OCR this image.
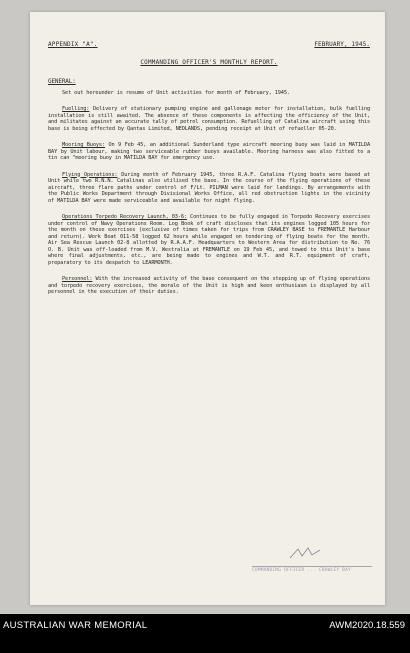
APPENDIX "A".	FEBRUARY, 1945.
COMMANDING OFFICER'S MONTHLY REPORT.
GENERAL:
Set out hereunder is resume of Unit activities for month of February, 1945.
Fuelling: Delivery of stationary pumping engine and gallonage meter for installation, bulk fuelling installation is still awaited. The absence of these components is affecting the efficiency of the Unit, and militates against an accurate tally of petrol consumption. Refuelling of Catalina aircraft using this base is being effected by Qantas Limited, NEDLANDS, pending receipt at Unit of refueller 05-20.
Mooring Buoys: On 9 Feb 45, an additional Sunderland type aircraft mooring buoy was laid in MATILDA BAY by Unit labour, making two serviceable rubber buoys available. Mooring harness was also fitted to a tin can "mooring buoy in MATILDA BAY for emergency use.
Flying Operations: During month of February 1945, three R.A.F. Catalina flying boats were based at Unit while two R.N.N. Catalinas also utilised the base. In the course of the flying operations of these aircraft, three flare paths under control of F/Lt. PILMAN were laid for landings. By arrangements with the Public Works Department through Divisional Works Office, all red obstruction lights in the vicinity of MATILDA BAY were made serviceable and available for night flying.
Operations Torpedo Recovery Launch, 03-6: Continues to be fully engaged in Torpedo Recovery exercises under control of Navy Operations Room. Log Book of craft discloses that its engines logged 105 hours for the month on these exercises (exclusive of times taken for trips from CRAWLEY BASE to FREMANTLE Harbour and return). Work Boat 011-58 logged 62 hours while engaged on tendering of flying boats for the month. Air Sea Rescue Launch 02-8 allotted by R.A.A.F. Headquarters to Western Area for distribution to No. 76 O. B. Unit was off-loaded from M.V. Westralia at FREMANTLE on 19 Feb 45, and towed to this Unit's base where final adjustments, etc., are being made to engines and W.T. and R.T. equipment of craft, preparatory to its despatch to LEARMONTH.
Personnel: With the increased activity of the base consequent on the stepping up of flying operations and torpedo recovery exercises, the morale of the Unit is high and keen enthusiasm is displayed by all personnel in the execution of their duties.
COMMANDING OFFICER ... CRAWLEY BAY
AUSTRALIAN WAR MEMORIAL	AWM2020.18.559
